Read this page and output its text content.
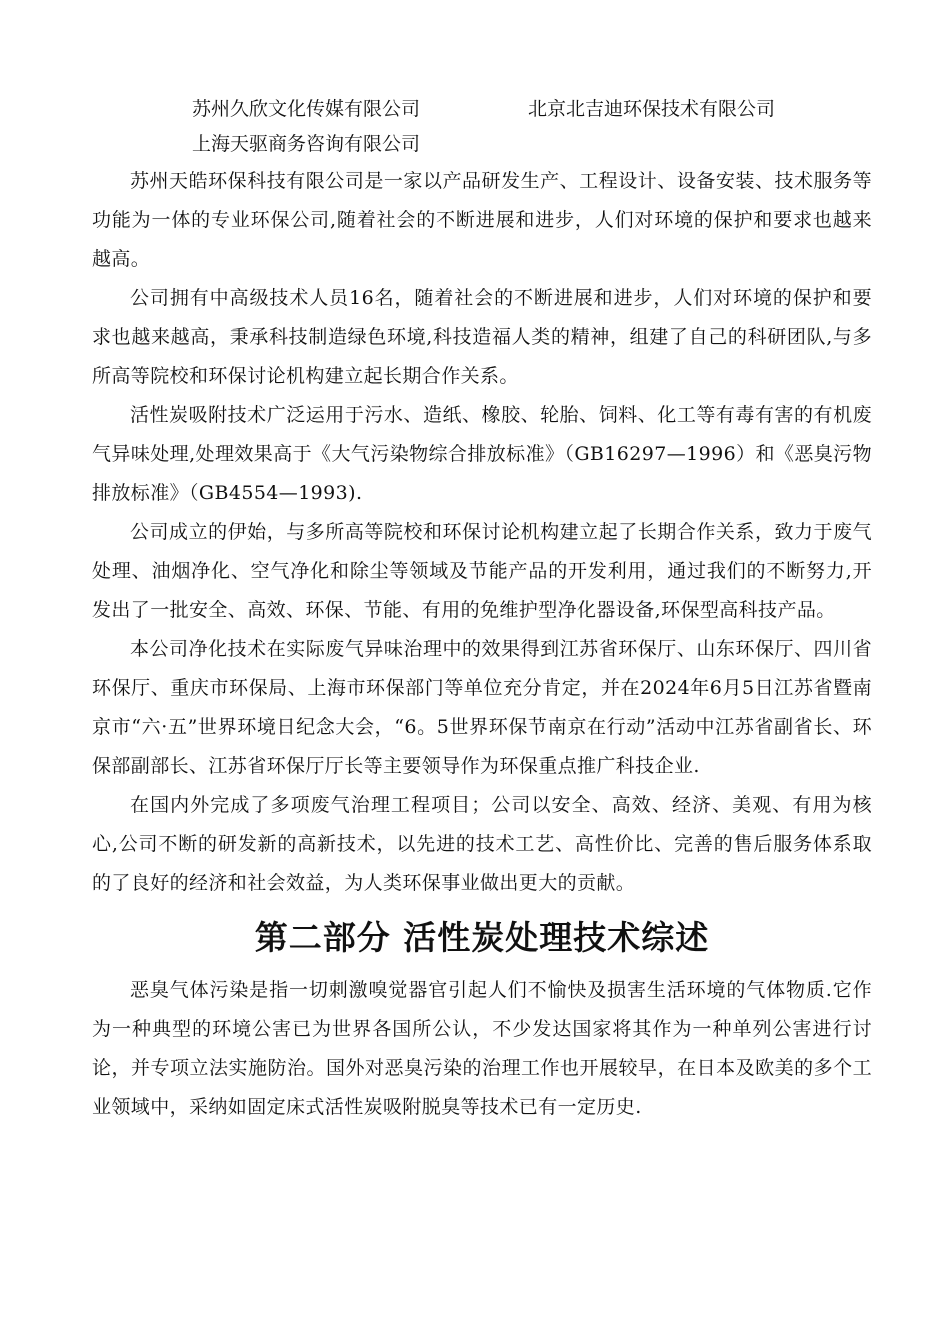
苏州久欣文化传媒有限公司	北京北吉迪环保技术有限公司
上海天驱商务咨询有限公司

苏州天皓环保科技有限公司是一家以产品研发生产、工程设计、设备安装、技术服务等功能为一体的专业环保公司,随着社会的不断进展和进步，人们对环境的保护和要求也越来越高。

公司拥有中高级技术人员16名，随着社会的不断进展和进步，人们对环境的保护和要求也越来越高，秉承科技制造绿色环境,科技造福人类的精神，组建了自己的科研团队,与多所高等院校和环保讨论机构建立起长期合作关系。

活性炭吸附技术广泛运用于污水、造纸、橡胶、轮胎、饲料、化工等有毒有害的有机废气异味处理,处理效果高于《大气污染物综合排放标准》（GB16297—1996）和《恶臭污物排放标准》（GB4554—1993).

公司成立的伊始，与多所高等院校和环保讨论机构建立起了长期合作关系，致力于废气处理、油烟净化、空气净化和除尘等领域及节能产品的开发利用，通过我们的不断努力,开发出了一批安全、高效、环保、节能、有用的免维护型净化器设备,环保型高科技产品。

本公司净化技术在实际废气异味治理中的效果得到江苏省环保厅、山东环保厅、四川省环保厅、重庆市环保局、上海市环保部门等单位充分肯定，并在2024年6月5日江苏省暨南京市“六·五”世界环境日纪念大会，“6。5世界环保节南京在行动”活动中江苏省副省长、环保部副部长、江苏省环保厅厅长等主要领导作为环保重点推广科技企业.

在国内外完成了多项废气治理工程项目；公司以安全、高效、经济、美观、有用为核心,公司不断的研发新的高新技术，以先进的技术工艺、高性价比、完善的售后服务体系取的了良好的经济和社会效益，为人类环保事业做出更大的贡献。

第二部分 活性炭处理技术综述

恶臭气体污染是指一切刺激嗅觉器官引起人们不愉快及损害生活环境的气体物质.它作为一种典型的环境公害已为世界各国所公认，不少发达国家将其作为一种单列公害进行讨论，并专项立法实施防治。国外对恶臭污染的治理工作也开展较早，在日本及欧美的多个工业领域中，采纳如固定床式活性炭吸附脱臭等技术已有一定历史.
